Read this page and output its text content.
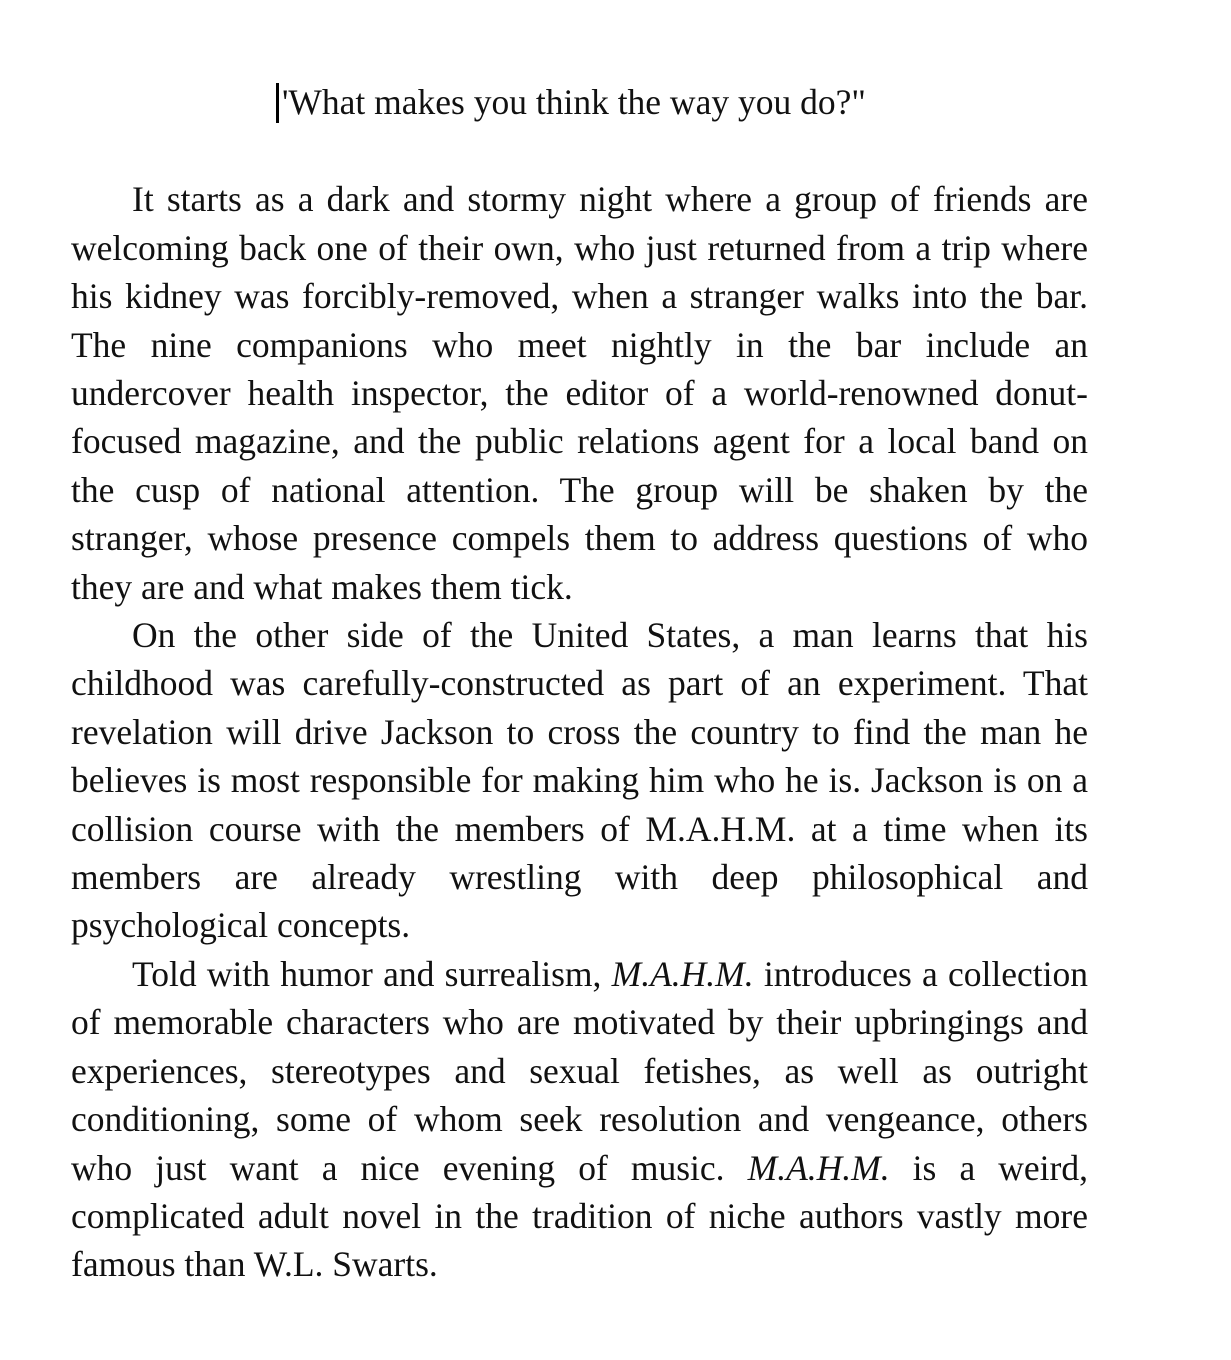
'What makes you think the way you do?"

It starts as a dark and stormy night where a group of friends are welcoming back one of their own, who just returned from a trip where his kidney was forcibly-removed, when a stranger walks into the bar. The nine companions who meet nightly in the bar include an undercover health inspector, the editor of a world-renowned donut-focused magazine, and the public relations agent for a local band on the cusp of national attention. The group will be shaken by the stranger, whose presence compels them to address questions of who they are and what makes them tick.

On the other side of the United States, a man learns that his childhood was carefully-constructed as part of an experiment. That revelation will drive Jackson to cross the country to find the man he believes is most responsible for making him who he is. Jackson is on a collision course with the members of M.A.H.M. at a time when its members are already wrestling with deep philosophical and psychological concepts.

Told with humor and surrealism, M.A.H.M. introduces a collection of memorable characters who are motivated by their upbringings and experiences, stereotypes and sexual fetishes, as well as outright conditioning, some of whom seek resolution and vengeance, others who just want a nice evening of music. M.A.H.M. is a weird, complicated adult novel in the tradition of niche authors vastly more famous than W.L. Swarts.
